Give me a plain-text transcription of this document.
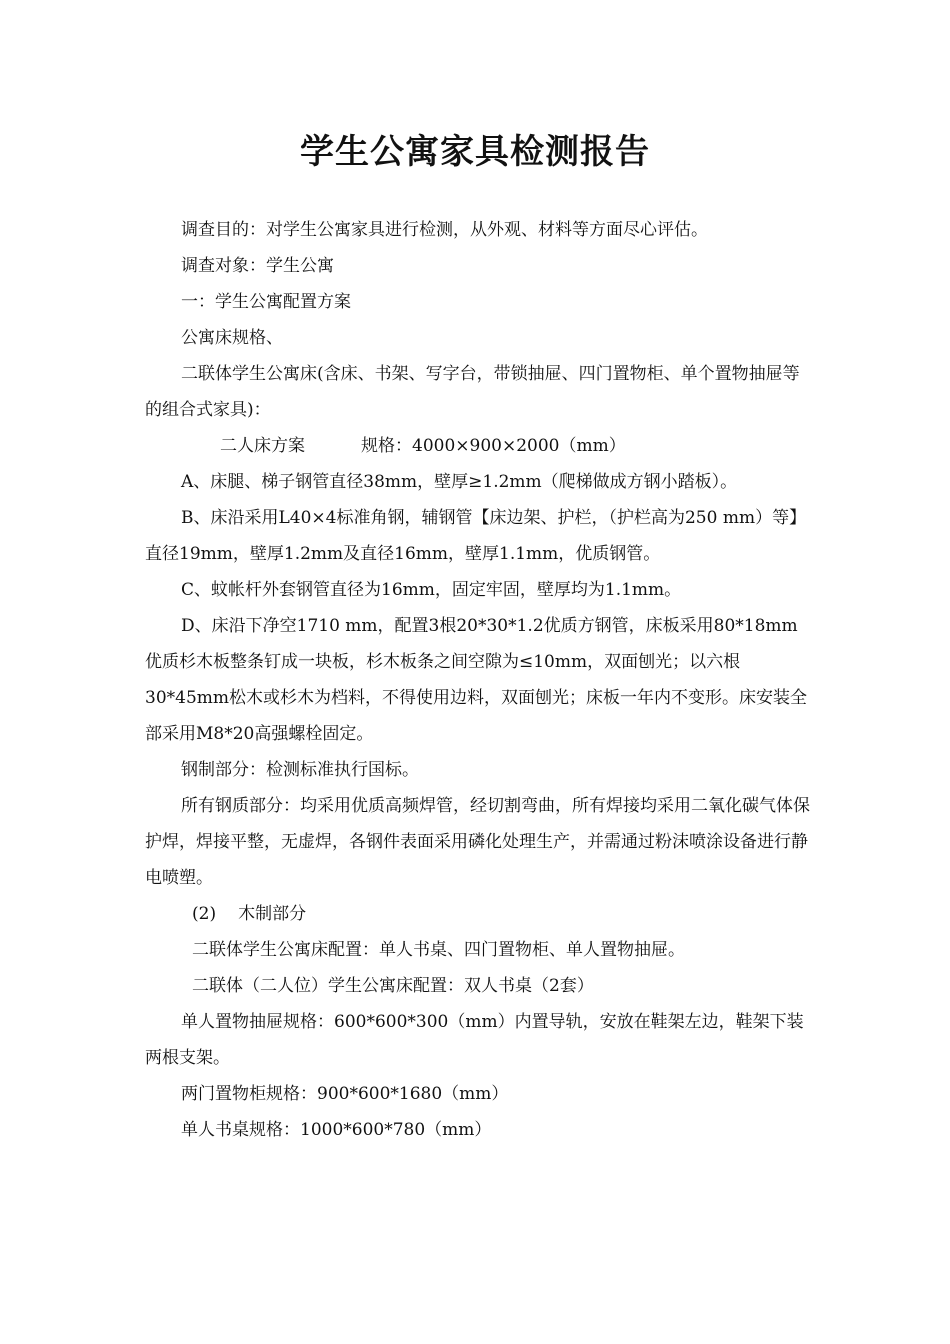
学生公寓家具检测报告

调查目的：对学生公寓家具进行检测，从外观、材料等方面尽心评估。

调查对象：学生公寓

一：学生公寓配置方案

公寓床规格、

二联体学生公寓床(含床、书架、写字台，带锁抽屉、四门置物柜、单个置物抽屉等的组合式家具)：

二人床方案	规格：4000×900×2000（mm）

A、床腿、梯子钢管直径38mm，壁厚≥1.2mm（爬梯做成方钢小踏板）。

B、床沿采用L40×4标准角钢，辅钢管【床边架、护栏，（护栏高为250 mm）等】直径19mm，壁厚1.2mm及直径16mm，壁厚1.1mm，优质钢管。

C、蚊帐杆外套钢管直径为16mm，固定牢固，壁厚均为1.1mm。

D、床沿下净空1710 mm，配置3根20*30*1.2优质方钢管，床板采用80*18mm优质杉木板整条钉成一块板，杉木板条之间空隙为≤10mm，双面刨光；以六根30*45mm松木或杉木为档料，不得使用边料，双面刨光；床板一年内不变形。床安装全部采用M8*20高强螺栓固定。

钢制部分：检测标准执行国标。

所有钢质部分：均采用优质高频焊管，经切割弯曲，所有焊接均采用二氧化碳气体保护焊，焊接平整，无虚焊，各钢件表面采用磷化处理生产，并需通过粉沫喷涂设备进行静电喷塑。

(2) 木制部分

二联体学生公寓床配置：单人书桌、四门置物柜、单人置物抽屉。

二联体（二人位）学生公寓床配置：双人书桌（2套）

单人置物抽屉规格：600*600*300（mm）内置导轨，安放在鞋架左边，鞋架下装两根支架。

两门置物柜规格：900*600*1680（mm）

单人书桌规格：1000*600*780（mm）
